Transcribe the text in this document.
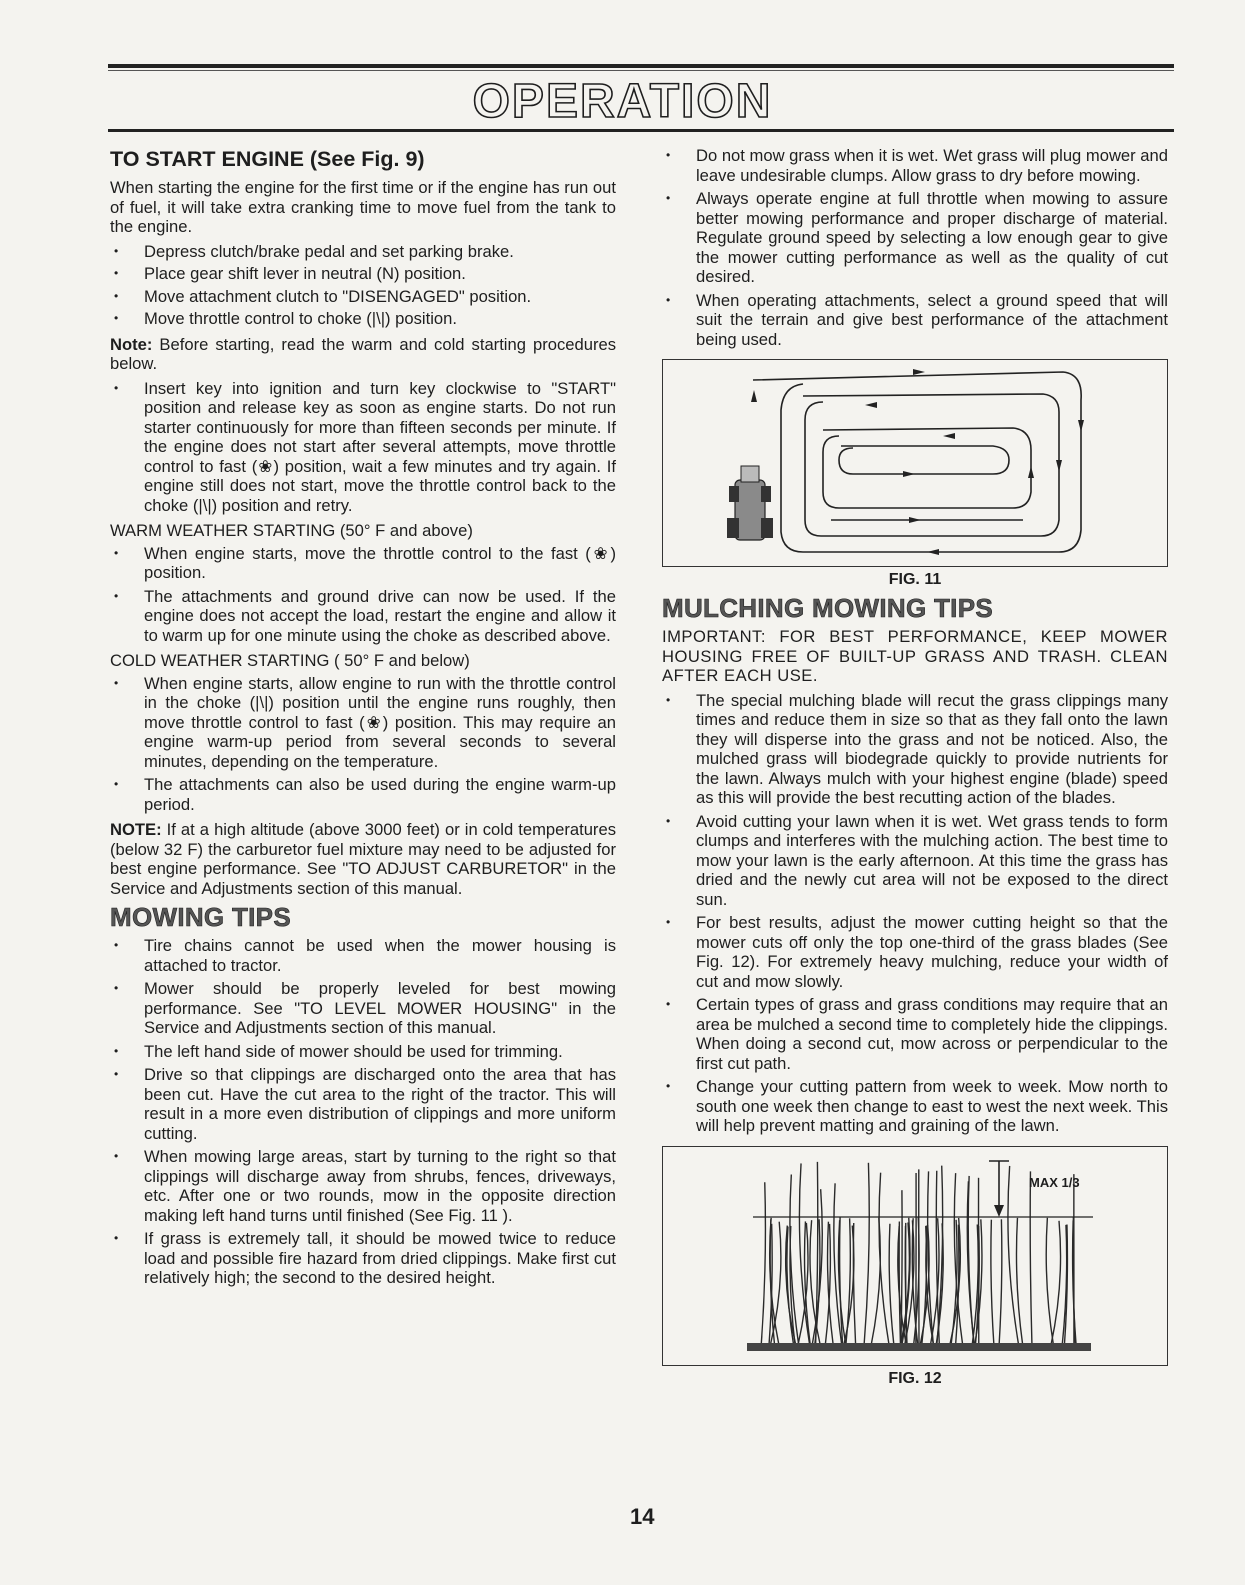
OPERATION
TO START ENGINE (See Fig. 9)

When starting the engine for the first time or if the engine has run out of fuel, it will take extra cranking time to move fuel from the tank to the engine.

• Depress clutch/brake pedal and set parking brake.
• Place gear shift lever in neutral (N) position.
• Move attachment clutch to "DISENGAGED" position.
• Move throttle control to choke (|\|) position.

Note: Before starting, read the warm and cold starting procedures below.

• Insert key into ignition and turn key clockwise to "START" position and release key as soon as engine starts. Do not run starter continuously for more than fifteen seconds per minute. If the engine does not start after several attempts, move throttle control to fast (❀) position, wait a few minutes and try again. If engine still does not start, move the throttle control back to the choke (|\|) position and retry.
WARM WEATHER STARTING (50° F and above)
• When engine starts, move the throttle control to the fast (❀) position.
• The attachments and ground drive can now be used. If the engine does not accept the load, restart the engine and allow it to warm up for one minute using the choke as described above.
COLD WEATHER STARTING ( 50° F and below)
• When engine starts, allow engine to run with the throttle control in the choke (|\|) position until the engine runs roughly, then move throttle control to fast (❀) position. This may require an engine warm-up period from several seconds to several minutes, depending on the temperature.
• The attachments can also be used during the engine warm-up period.

NOTE: If at a high altitude (above 3000 feet) or in cold temperatures (below 32 F) the carburetor fuel mixture may need to be adjusted for best engine performance. See "TO ADJUST CARBURETOR" in the Service and Adjustments section of this manual.

MOWING TIPS
• Tire chains cannot be used when the mower housing is attached to tractor.
• Mower should be properly leveled for best mowing performance. See "TO LEVEL MOWER HOUSING" in the Service and Adjustments section of this manual.
• The left hand side of mower should be used for trimming.
• Drive so that clippings are discharged onto the area that has been cut. Have the cut area to the right of the tractor. This will result in a more even distribution of clippings and more uniform cutting.
• When mowing large areas, start by turning to the right so that clippings will discharge away from shrubs, fences, driveways, etc. After one or two rounds, mow in the opposite direction making left hand turns until finished (See Fig. 11 ).
• If grass is extremely tall, it should be mowed twice to reduce load and possible fire hazard from dried clippings. Make first cut relatively high; the second to the desired height.
14
• Do not mow grass when it is wet. Wet grass will plug mower and leave undesirable clumps. Allow grass to dry before mowing.
• Always operate engine at full throttle when mowing to assure better mowing performance and proper discharge of material. Regulate ground speed by selecting a low enough gear to give the mower cutting performance as well as the quality of cut desired.
• When operating attachments, select a ground speed that will suit the terrain and give best performance of the attachment being used.
FIG. 11
MULCHING MOWING TIPS

IMPORTANT: FOR BEST PERFORMANCE, KEEP MOWER HOUSING FREE OF BUILT-UP GRASS AND TRASH. CLEAN AFTER EACH USE.

• The special mulching blade will recut the grass clippings many times and reduce them in size so that as they fall onto the lawn they will disperse into the grass and not be noticed. Also, the mulched grass will biodegrade quickly to provide nutrients for the lawn. Always mulch with your highest engine (blade) speed as this will provide the best recutting action of the blades.
• Avoid cutting your lawn when it is wet. Wet grass tends to form clumps and interferes with the mulching action. The best time to mow your lawn is the early afternoon. At this time the grass has dried and the newly cut area will not be exposed to the direct sun.
• For best results, adjust the mower cutting height so that the mower cuts off only the top one-third of the grass blades (See Fig. 12). For extremely heavy mulching, reduce your width of cut and mow slowly.
• Certain types of grass and grass conditions may require that an area be mulched a second time to completely hide the clippings. When doing a second cut, mow across or perpendicular to the first cut path.
• Change your cutting pattern from week to week. Mow north to south one week then change to east to west the next week. This will help prevent matting and graining of the lawn.
MAX 1/3
FIG. 12
